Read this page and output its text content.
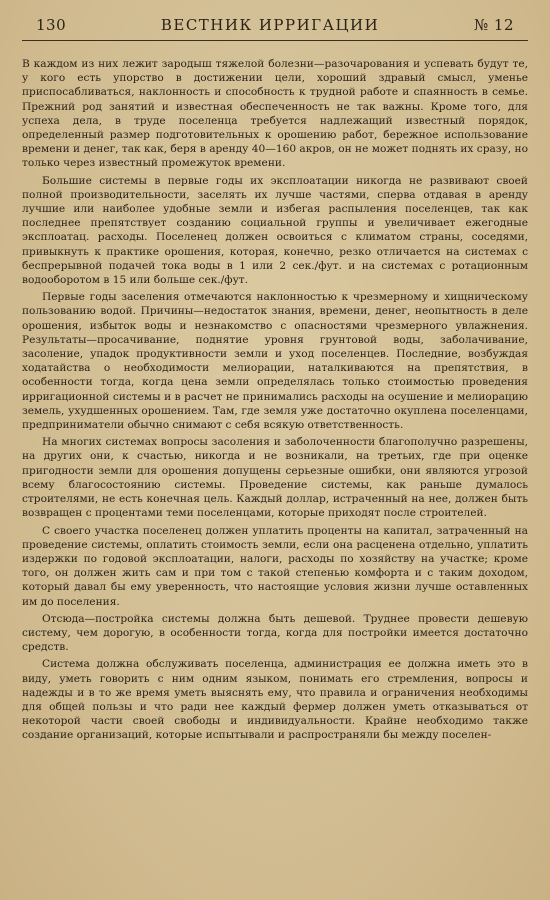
130	ВЕСТНИК ИРРИГАЦИИ	№ 12

В каждом из них лежит зародыш тяжелой болезни—разочарования и успевать будут те, у кого есть упорство в достижении цели, хороший здравый смысл, уменье приспосабливаться, наклонность и способность к трудной работе и спаянность в семье. Прежний род занятий и известная обеспеченность не так важны. Кроме того, для успеха дела, в труде поселенца требуется надлежащий известный порядок, определенный размер подготовительных к орошению работ, бережное использование времени и денег, так как, беря в аренду 40—160 акров, он не может поднять их сразу, но только через известный промежуток времени.

Большие системы в первые годы их эксплоатации никогда не развивают своей полной производительности, заселять их лучше частями, сперва отдавая в аренду лучшие или наиболее удобные земли и избегая распыления поселенцев, так как последнее препятствует созданию социальной группы и увеличивает ежегодные эксплоатац. расходы. Поселенец должен освоиться с климатом страны, соседями, привыкнуть к практике орошения, которая, конечно, резко отличается на системах с беспрерывной подачей тока воды в 1 или 2 сек./фут. и на системах с ротационным водооборотом в 15 или больше сек./фут.

Первые годы заселения отмечаются наклонностью к чрезмерному и хищническому пользованию водой. Причины—недостаток знания, времени, денег, неопытность в деле орошения, избыток воды и незнакомство с опасностями чрезмерного увлажнения. Результаты—просачивание, поднятие уровня грунтовой воды, заболачивание, засоление, упадок продуктивности земли и уход поселенцев. Последние, возбуждая ходатайства о необходимости мелиорации, наталкиваются на препятствия, в особенности тогда, когда цена земли определялась только стоимостью проведения ирригационной системы и в расчет не принимались расходы на осушение и мелиорацию земель, ухудшенных орошением. Там, где земля уже достаточно окуплена поселенцами, предприниматели обычно снимают с себя всякую ответственность.

На многих системах вопросы засоления и заболоченности благополучно разрешены, на других они, к счастью, никогда и не возникали, на третьих, где при оценке пригодности земли для орошения допущены серьезные ошибки, они являются угрозой всему благосостоянию системы. Проведение системы, как раньше думалось строителями, не есть конечная цель. Каждый доллар, истраченный на нее, должен быть возвращен с процентами теми поселенцами, которые приходят после строителей.

С своего участка поселенец должен уплатить проценты на капитал, затраченный на проведение системы, оплатить стоимость земли, если она расценена отдельно, уплатить издержки по годовой эксплоатации, налоги, расходы по хозяйству на участке; кроме того, он должен жить сам и при том с такой степенью комфорта и с таким доходом, который давал бы ему уверенность, что настоящие условия жизни лучше оставленных им до поселения.

Отсюда—постройка системы должна быть дешевой. Труднее провести дешевую систему, чем дорогую, в особенности тогда, когда для постройки имеется достаточно средств.

Система должна обслуживать поселенца, администрация ее должна иметь это в виду, уметь говорить с ним одним языком, понимать его стремления, вопросы и надежды и в то же время уметь выяснять ему, что правила и ограничения необходимы для общей пользы и что ради нее каждый фермер должен уметь отказываться от некоторой части своей свободы и индивидуальности. Крайне необходимо также создание организаций, которые испытывали и распространяли бы между поселен-
